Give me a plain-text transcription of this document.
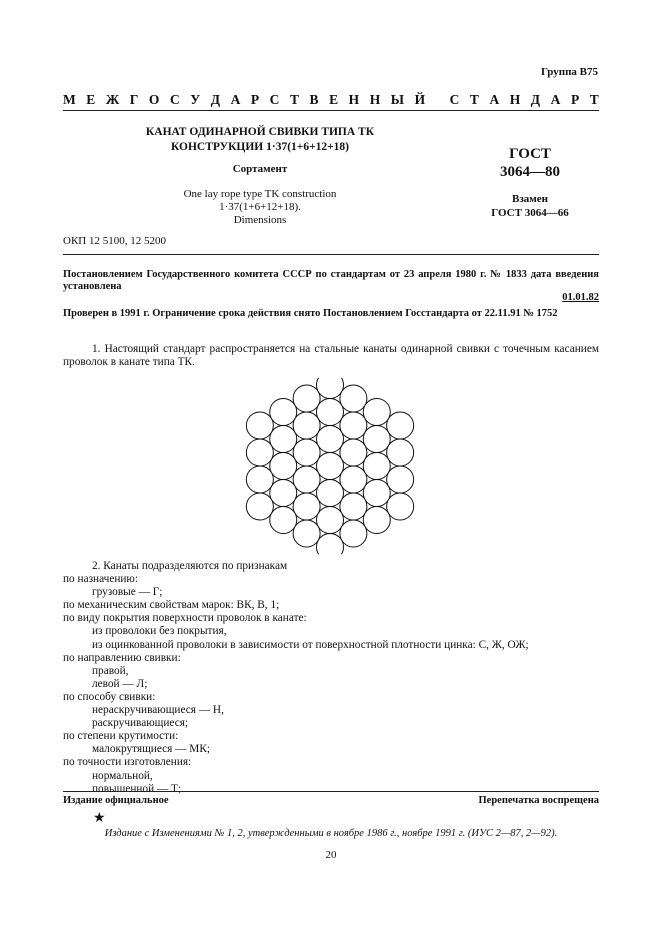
Группа В75
М Е Ж Г О С У Д А Р С Т В Е Н Н Ы Й
С Т А Н Д А Р Т
КАНАТ ОДИНАРНОЙ СВИВКИ ТИПА ТК
КОНСТРУКЦИИ 1·37(1+6+12+18)
Сортамент
One lay rope type TK construction
1·37(1+6+12+18).
Dimensions
ГОСТ
3064—80
Взамен
ГОСТ 3064—66
ОКП 12 5100, 12 5200
Постановлением Государственного комитета СССР по стандартам от 23 апреля 1980 г. № 1833 дата введения установлена
01.01.82
Проверен в 1991 г. Ограничение срока действия снято Постановлением Госстандарта от 22.11.91 № 1752
1. Настоящий стандарт распространяется на стальные канаты одинарной свивки с точечным касанием проволок в канате типа ТК.
2. Канаты подразделяются по признакам
по назначению:
грузовые — Г;
по механическим свойствам марок: ВК, В, 1;
по виду покрытия поверхности проволок в канате:
из проволоки без покрытия,
из оцинкованной проволоки в зависимости от поверхностной плотности цинка: С, Ж, ОЖ;
по направлению свивки:
правой,
левой — Л;
по способу свивки:
нераскручивающиеся — Н,
раскручивающиеся;
по степени крутимости:
малокрутящиеся — МК;
по точности изготовления:
нормальной,
повышенной — Т;
Издание официальное	Перепечатка воспрещена
★
Издание с Изменениями № 1, 2, утвержденными в ноябре 1986 г., ноябре 1991 г. (ИУС 2—87, 2—92).
20
